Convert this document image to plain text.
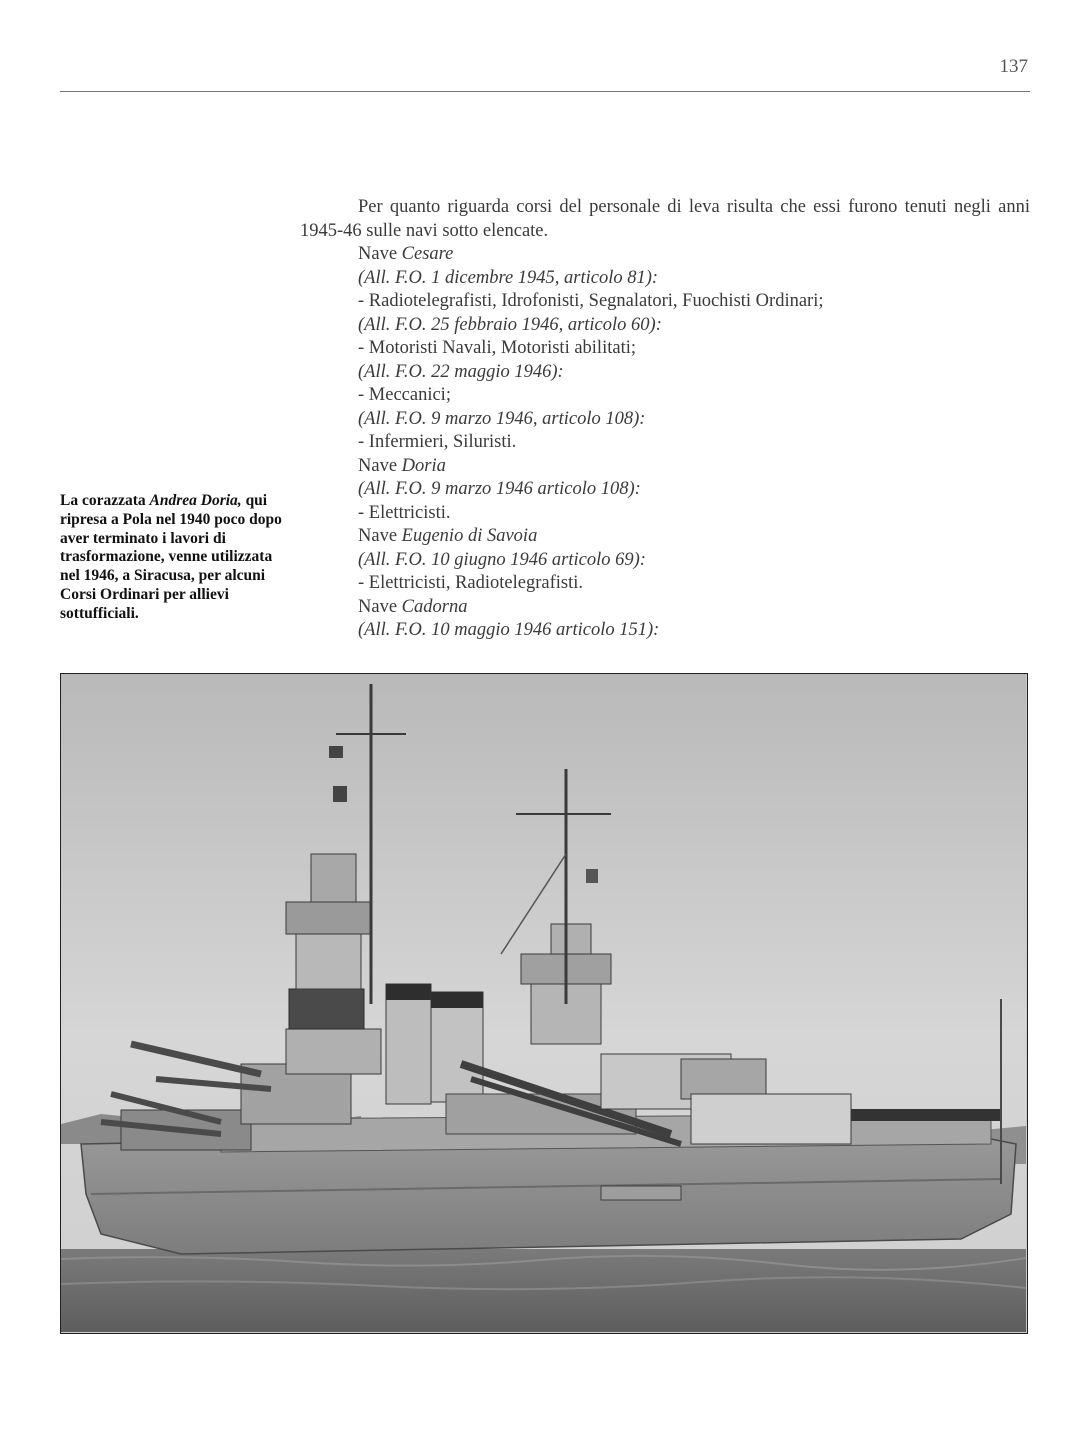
137

Per quanto riguarda corsi del personale di leva risulta che essi furono tenuti negli anni 1945-46 sulle navi sotto elencate.

Nave Cesare
(All. F.O. 1 dicembre 1945, articolo 81):
- Radiotelegrafisti, Idrofonisti, Segnalatori, Fuochisti Ordinari;
(All. F.O. 25 febbraio 1946, articolo 60):
- Motoristi Navali, Motoristi abilitati;
(All. F.O. 22 maggio 1946):
- Meccanici;
(All. F.O. 9 marzo 1946, articolo 108):
- Infermieri, Siluristi.
Nave Doria
(All. F.O. 9 marzo 1946 articolo 108):
- Elettricisti.
Nave Eugenio di Savoia
(All. F.O. 10 giugno 1946 articolo 69):
- Elettricisti, Radiotelegrafisti.
Nave Cadorna
(All. F.O. 10 maggio 1946 articolo 151):
La corazzata Andrea Doria, qui ripresa a Pola nel 1940 poco dopo aver terminato i lavori di trasformazione, venne utilizzata nel 1946, a Siracusa, per alcuni Corsi Ordinari per allievi sottufficiali.
